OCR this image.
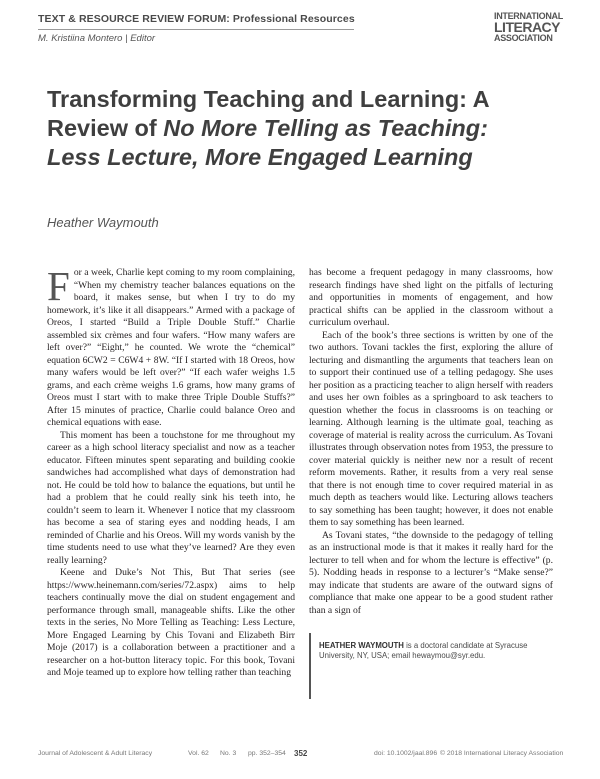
TEXT & RESOURCE REVIEW FORUM: Professional Resources
M. Kristiina Montero | Editor
INTERNATIONAL
LITERACY
ASSOCIATION
Transforming Teaching and Learning: A Review of No More Telling as Teaching: Less Lecture, More Engaged Learning
Heather Waymouth

For a week, Charlie kept coming to my room complaining, “When my chemistry teacher balances equations on the board, it makes sense, but when I try to do my homework, it’s like it all disappears.” Armed with a package of Oreos, I started “Build a Triple Double Stuff.” Charlie assembled six crèmes and four wafers. “How many wafers are left over?” “Eight,” he counted. We wrote the “chemical” equation 6CW2 = C6W4 + 8W. “If I started with 18 Oreos, how many wafers would be left over?” “If each wafer weighs 1.5 grams, and each crème weighs 1.6 grams, how many grams of Oreos must I start with to make three Triple Double Stuffs?” After 15 minutes of practice, Charlie could balance Oreo and chemical equations with ease.

This moment has been a touchstone for me throughout my career as a high school literacy specialist and now as a teacher educator. Fifteen minutes spent separating and building cookie sandwiches had accomplished what days of demonstration had not. He could be told how to balance the equations, but until he had a problem that he could really sink his teeth into, he couldn’t seem to learn it. Whenever I notice that my classroom has become a sea of staring eyes and nodding heads, I am reminded of Charlie and his Oreos. Will my words vanish by the time students need to use what they’ve learned? Are they even really learning?

Keene and Duke’s Not This, But That series (see https://www.heinemann.com/series/72.aspx) aims to help teachers continually move the dial on student engagement and performance through small, manageable shifts. Like the other texts in the series, No More Telling as Teaching: Less Lecture, More Engaged Learning by Chis Tovani and Elizabeth Birr Moje (2017) is a collaboration between a practitioner and a researcher on a hot-button literacy topic. For this book, Tovani and Moje teamed up to explore how telling rather than teaching

has become a frequent pedagogy in many classrooms, how research findings have shed light on the pitfalls of lecturing and opportunities in moments of engagement, and how practical shifts can be applied in the classroom without a curriculum overhaul.

Each of the book’s three sections is written by one of the two authors. Tovani tackles the first, exploring the allure of lecturing and dismantling the arguments that teachers lean on to support their continued use of a telling pedagogy. She uses her position as a practicing teacher to align herself with readers and uses her own foibles as a springboard to ask teachers to question whether the focus in classrooms is on teaching or learning. Although learning is the ultimate goal, teaching as coverage of material is reality across the curriculum. As Tovani illustrates through observation notes from 1953, the pressure to cover material quickly is neither new nor a result of recent reform movements. Rather, it results from a very real sense that there is not enough time to cover required material in as much depth as teachers would like. Lecturing allows teachers to say something has been taught; however, it does not enable them to say something has been learned.

As Tovani states, “the downside to the pedagogy of telling as an instructional mode is that it makes it really hard for the lecturer to tell when and for whom the lecture is effective” (p. 5). Nodding heads in response to a lecturer’s “Make sense?” may indicate that students are aware of the outward signs of compliance that make one appear to be a good student rather than a sign of

HEATHER WAYMOUTH is a doctoral candidate at Syracuse University, NY, USA; email hewaymou@syr.edu.
Journal of Adolescent & Adult Literacy	Vol. 62 No. 3 pp. 352–354 352	doi: 10.1002/jaal.896 © 2018 International Literacy Association
